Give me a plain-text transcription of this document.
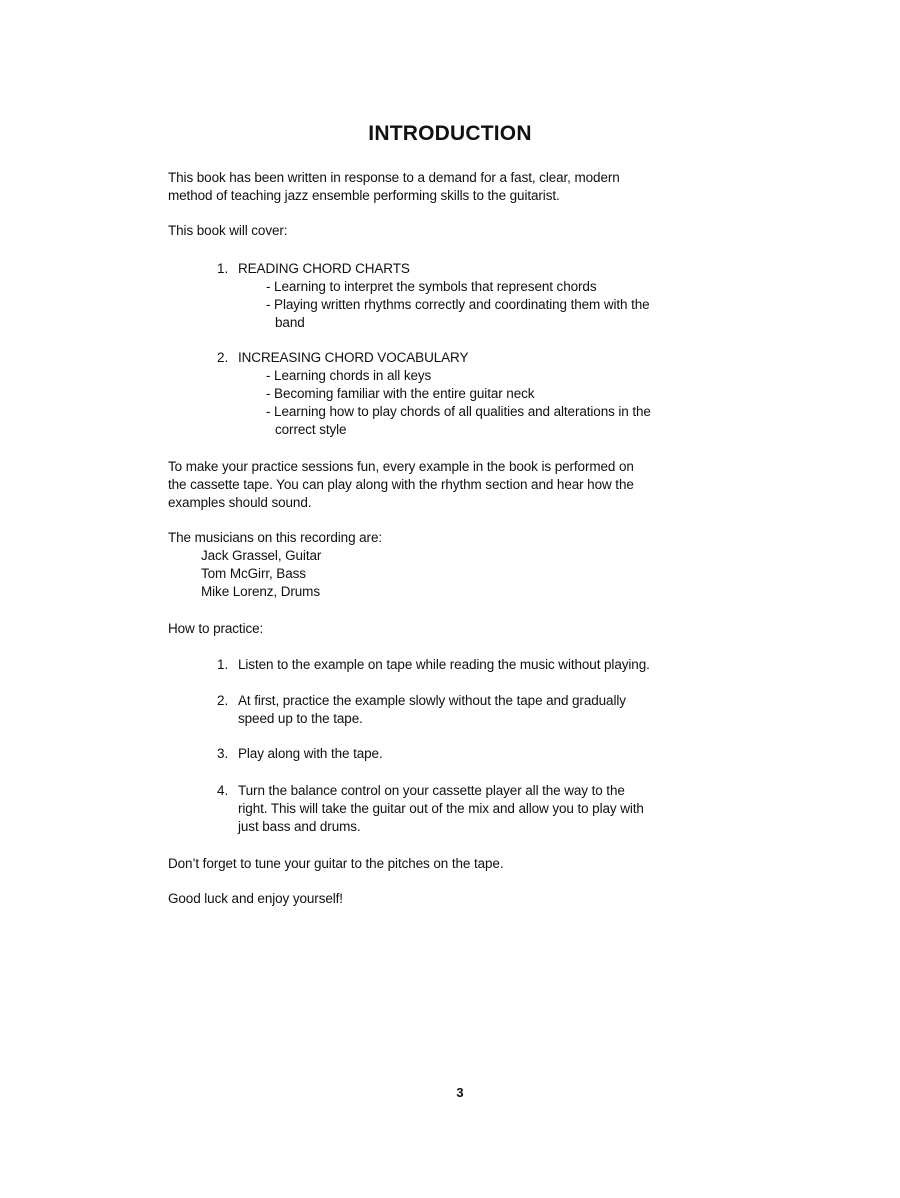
INTRODUCTION
This book has been written in response to a demand for a fast, clear, modern
method of teaching jazz ensemble performing skills to the guitarist.
This book will cover:
1. READING CHORD CHARTS
- Learning to interpret the symbols that represent chords
- Playing written rhythms correctly and coordinating them with the
band
2. INCREASING CHORD VOCABULARY
- Learning chords in all keys
- Becoming familiar with the entire guitar neck
- Learning how to play chords of all qualities and alterations in the
correct style
To make your practice sessions fun, every example in the book is performed on
the cassette tape. You can play along with the rhythm section and hear how the
examples should sound.
The musicians on this recording are:
Jack Grassel, Guitar
Tom McGirr, Bass
Mike Lorenz, Drums
How to practice:
1. Listen to the example on tape while reading the music without playing.
2. At first, practice the example slowly without the tape and gradually
speed up to the tape.
3. Play along with the tape.
4. Turn the balance control on your cassette player all the way to the
right. This will take the guitar out of the mix and allow you to play with
just bass and drums.
Don’t forget to tune your guitar to the pitches on the tape.
Good luck and enjoy yourself!
3
